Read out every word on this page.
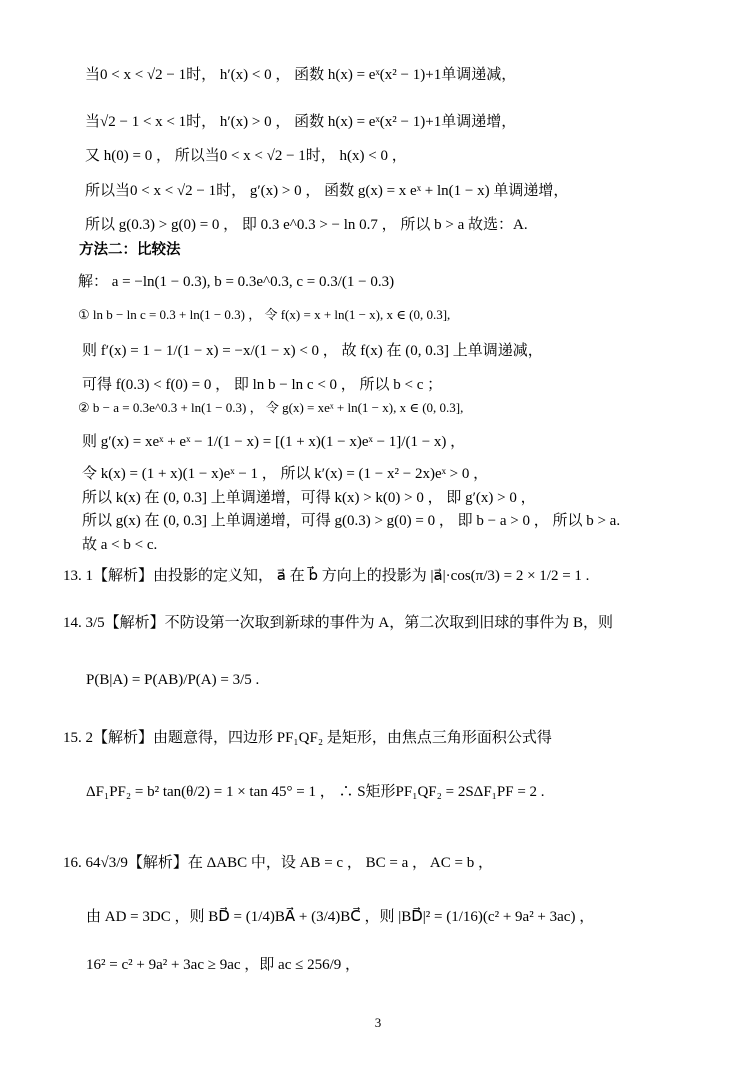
当0 < x < √2 − 1时， h′(x) < 0 ， 函数 h(x) = eˣ(x² − 1)+1单调递减，
当√2 − 1 < x < 1时， h′(x) > 0 ， 函数 h(x) = eˣ(x² − 1)+1单调递增，
又 h(0) = 0 ， 所以当0 < x < √2 − 1时， h(x) < 0 ，
所以当0 < x < √2 − 1时， g′(x) > 0 ， 函数 g(x) = x eˣ + ln(1 − x) 单调递增，
所以 g(0.3) > g(0) = 0 ， 即 0.3 e^0.3 > − ln 0.7 ， 所以 b > a 故选：A.
方法二：比较法
解： a = −ln(1 − 0.3), b = 0.3e^0.3, c = 0.3/(1 − 0.3)
① ln b − ln c = 0.3 + ln(1 − 0.3) ， 令 f(x) = x + ln(1 − x), x ∈ (0, 0.3],
则 f′(x) = 1 − 1/(1 − x) = −x/(1 − x) < 0 ， 故 f(x) 在 (0, 0.3] 上单调递减，
可得 f(0.3) < f(0) = 0 ， 即 ln b − ln c < 0 ， 所以 b < c ；
② b − a = 0.3e^0.3 + ln(1 − 0.3) ， 令 g(x) = xeˣ + ln(1 − x), x ∈ (0, 0.3],
则 g′(x) = xeˣ + eˣ − 1/(1 − x) = [(1 + x)(1 − x)eˣ − 1]/(1 − x) ，
令 k(x) = (1 + x)(1 − x)eˣ − 1 ， 所以 k′(x) = (1 − x² − 2x)eˣ > 0 ，
所以 k(x) 在 (0, 0.3] 上单调递增，可得 k(x) > k(0) > 0 ， 即 g′(x) > 0 ，
所以 g(x) 在 (0, 0.3] 上单调递增，可得 g(0.3) > g(0) = 0 ， 即 b − a > 0 ， 所以 b > a.
故 a < b < c.
13. 1【解析】由投影的定义知， a⃗ 在 b⃗ 方向上的投影为 |a⃗|·cos(π/3) = 2 × 1/2 = 1 .
14. 3/5【解析】不防设第一次取到新球的事件为 A，第二次取到旧球的事件为 B，则
P(B|A) = P(AB)/P(A) = 3/5 .
15. 2【解析】由题意得，四边形 PF₁QF₂ 是矩形，由焦点三角形面积公式得
ΔF₁PF₂ = b² tan(θ/2) = 1 × tan 45° = 1 ， ∴ S矩形PF₁QF₂ = 2SΔF₁PF = 2 .
16. 64√3/9【解析】在 ΔABC 中，设 AB = c ， BC = a ， AC = b ，
由 AD = 3DC ，则 BD⃗ = (1/4)BA⃗ + (3/4)BC⃗ ，则 |BD⃗|² = (1/16)(c² + 9a² + 3ac) ，
16² = c² + 9a² + 3ac ≥ 9ac ，即 ac ≤ 256/9 ，
3
